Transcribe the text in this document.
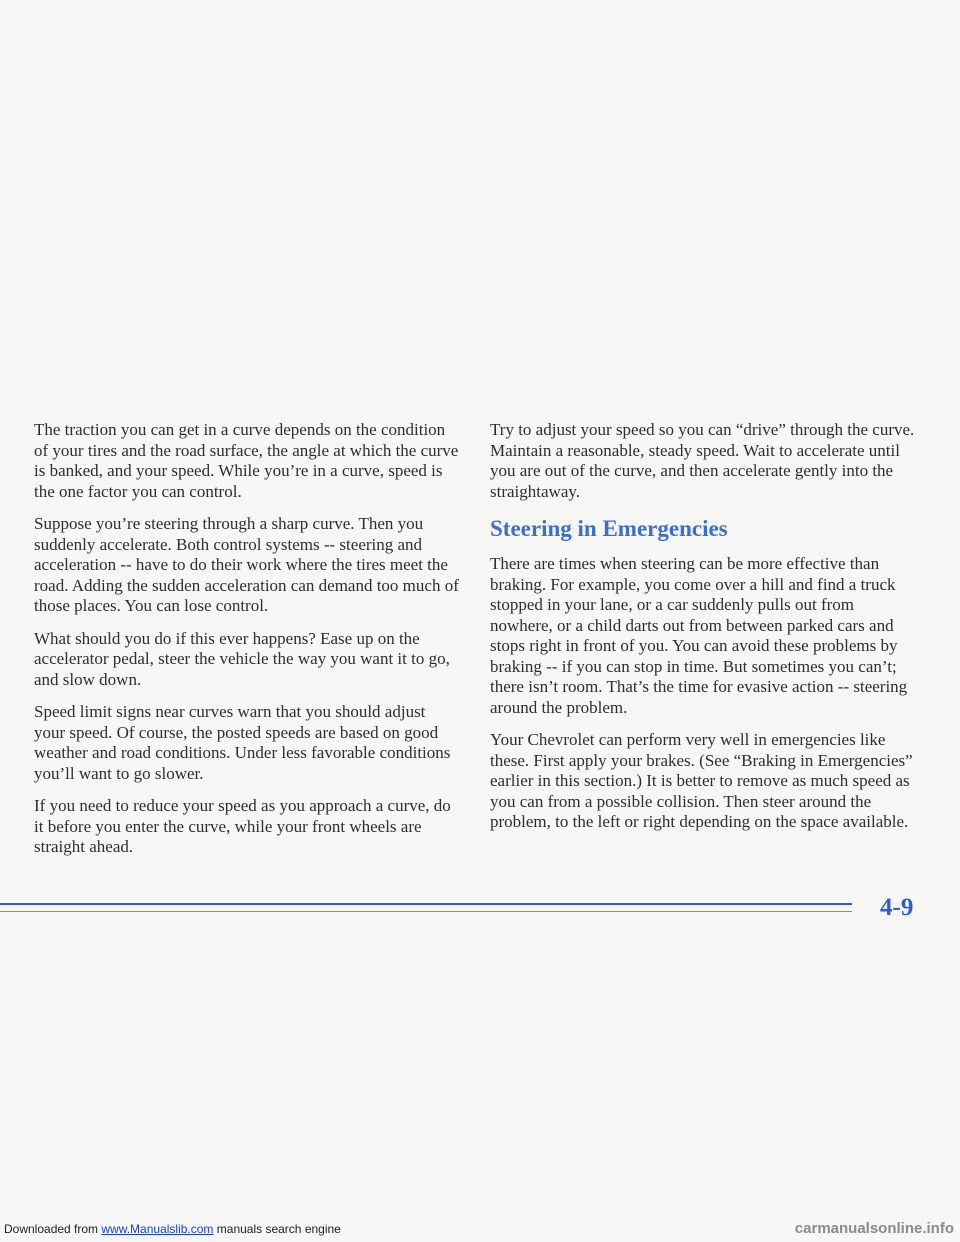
The traction you can get in a curve depends on the condition of your tires and the road surface, the angle at which the curve is banked, and your speed. While you’re in a curve, speed is the one factor you can control.

Suppose you’re steering through a sharp curve. Then you suddenly accelerate. Both control systems -- steering and acceleration -- have to do their work where the tires meet the road. Adding the sudden acceleration can demand too much of those places. You can lose control.

What should you do if this ever happens? Ease up on the accelerator pedal, steer the vehicle the way you want it to go, and slow down.

Speed limit signs near curves warn that you should adjust your speed. Of course, the posted speeds are based on good weather and road conditions. Under less favorable conditions you’ll want to go slower.

If you need to reduce your speed as you approach a curve, do it before you enter the curve, while your front wheels are straight ahead.

Try to adjust your speed so you can “drive” through the curve. Maintain a reasonable, steady speed. Wait to accelerate until you are out of the curve, and then accelerate gently into the straightaway.

Steering in Emergencies

There are times when steering can be more effective than braking. For example, you come over a hill and find a truck stopped in your lane, or a car suddenly pulls out from nowhere, or a child darts out from between parked cars and stops right in front of you. You can avoid these problems by braking -- if you can stop in time. But sometimes you can’t; there isn’t room. That’s the time for evasive action -- steering around the problem.

Your Chevrolet can perform very well in emergencies like these. First apply your brakes. (See “Braking in Emergencies” earlier in this section.) It is better to remove as much speed as you can from a possible collision. Then steer around the problem, to the left or right depending on the space available.

4-9
Downloaded from www.Manualslib.com manuals search engine	carmanualsonline.info
